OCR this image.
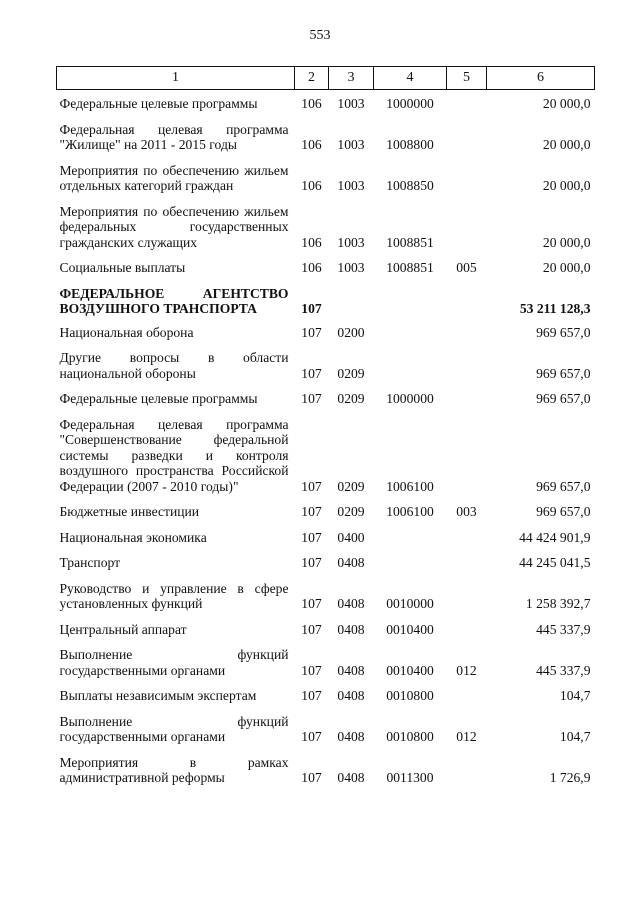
553
1	2	3	4	5	6

Федеральные целевые программы	106	1003	1000000		20 000,0

Федеральная целевая программа "Жилище" на 2011 - 2015 годы	106	1003	1008800		20 000,0

Мероприятия по обеспечению жильем отдельных категорий граждан	106	1003	1008850		20 000,0

Мероприятия по обеспечению жильем федеральных государственных гражданских служащих	106	1003	1008851		20 000,0

Социальные выплаты	106	1003	1008851	005	20 000,0

ФЕДЕРАЛЬНОЕ АГЕНТСТВО ВОЗДУШНОГО ТРАНСПОРТА	107				53 211 128,3

Национальная оборона	107	0200			969 657,0

Другие вопросы в области национальной обороны	107	0209			969 657,0

Федеральные целевые программы	107	0209	1000000		969 657,0

Федеральная целевая программа "Совершенствование федеральной системы разведки и контроля воздушного пространства Российской Федерации (2007 - 2010 годы)"	107	0209	1006100		969 657,0

Бюджетные инвестиции	107	0209	1006100	003	969 657,0

Национальная экономика	107	0400			44 424 901,9

Транспорт	107	0408			44 245 041,5

Руководство и управление в сфере установленных функций	107	0408	0010000		1 258 392,7

Центральный аппарат	107	0408	0010400		445 337,9

Выполнение функций государственными органами	107	0408	0010400	012	445 337,9

Выплаты независимым экспертам	107	0408	0010800		104,7

Выполнение функций государственными органами	107	0408	0010800	012	104,7

Мероприятия в рамках административной реформы	107	0408	0011300		1 726,9
